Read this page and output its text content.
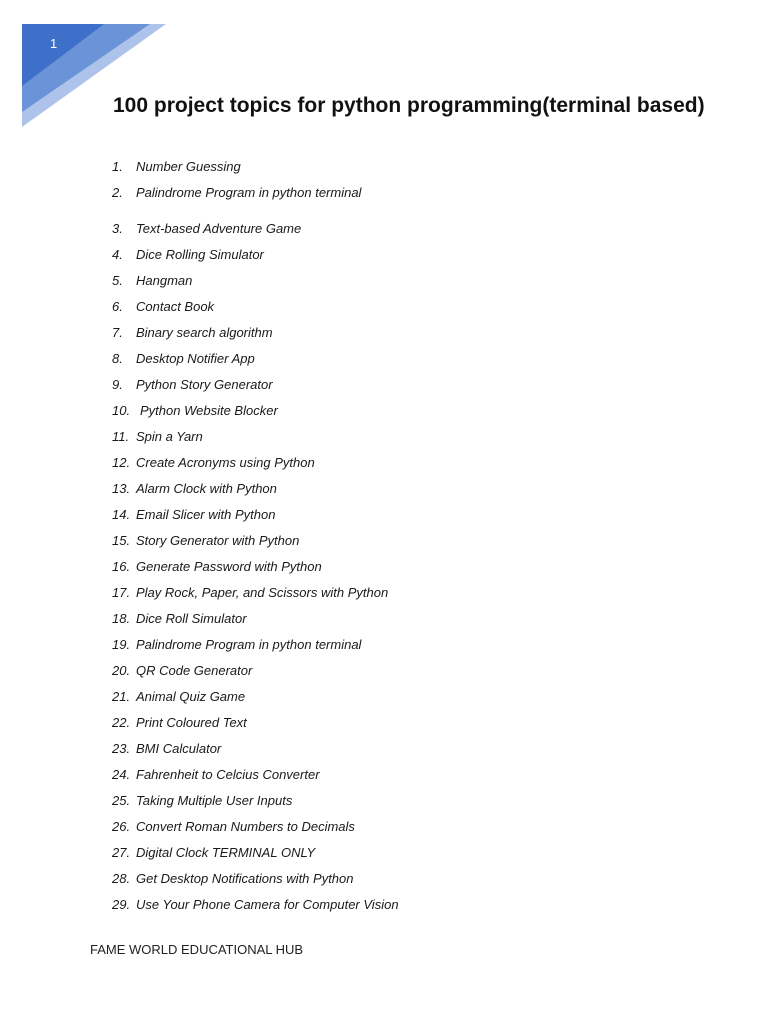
1
100 project topics for python programming(terminal based)
1. Number Guessing
2. Palindrome Program in python terminal
3. Text-based Adventure Game
4. Dice Rolling Simulator
5. Hangman
6. Contact Book
7. Binary search algorithm
8. Desktop Notifier App
9. Python Story Generator
10. Python Website Blocker
11. Spin a Yarn
12. Create Acronyms using Python
13. Alarm Clock with Python
14. Email Slicer with Python
15. Story Generator with Python
16. Generate Password with Python
17. Play Rock, Paper, and Scissors with Python
18. Dice Roll Simulator
19. Palindrome Program in python terminal
20. QR Code Generator
21. Animal Quiz Game
22. Print Coloured Text
23. BMI Calculator
24. Fahrenheit to Celcius Converter
25. Taking Multiple User Inputs
26. Convert Roman Numbers to Decimals
27. Digital Clock TERMINAL ONLY
28. Get Desktop Notifications with Python
29. Use Your Phone Camera for Computer Vision
FAME WORLD EDUCATIONAL HUB
